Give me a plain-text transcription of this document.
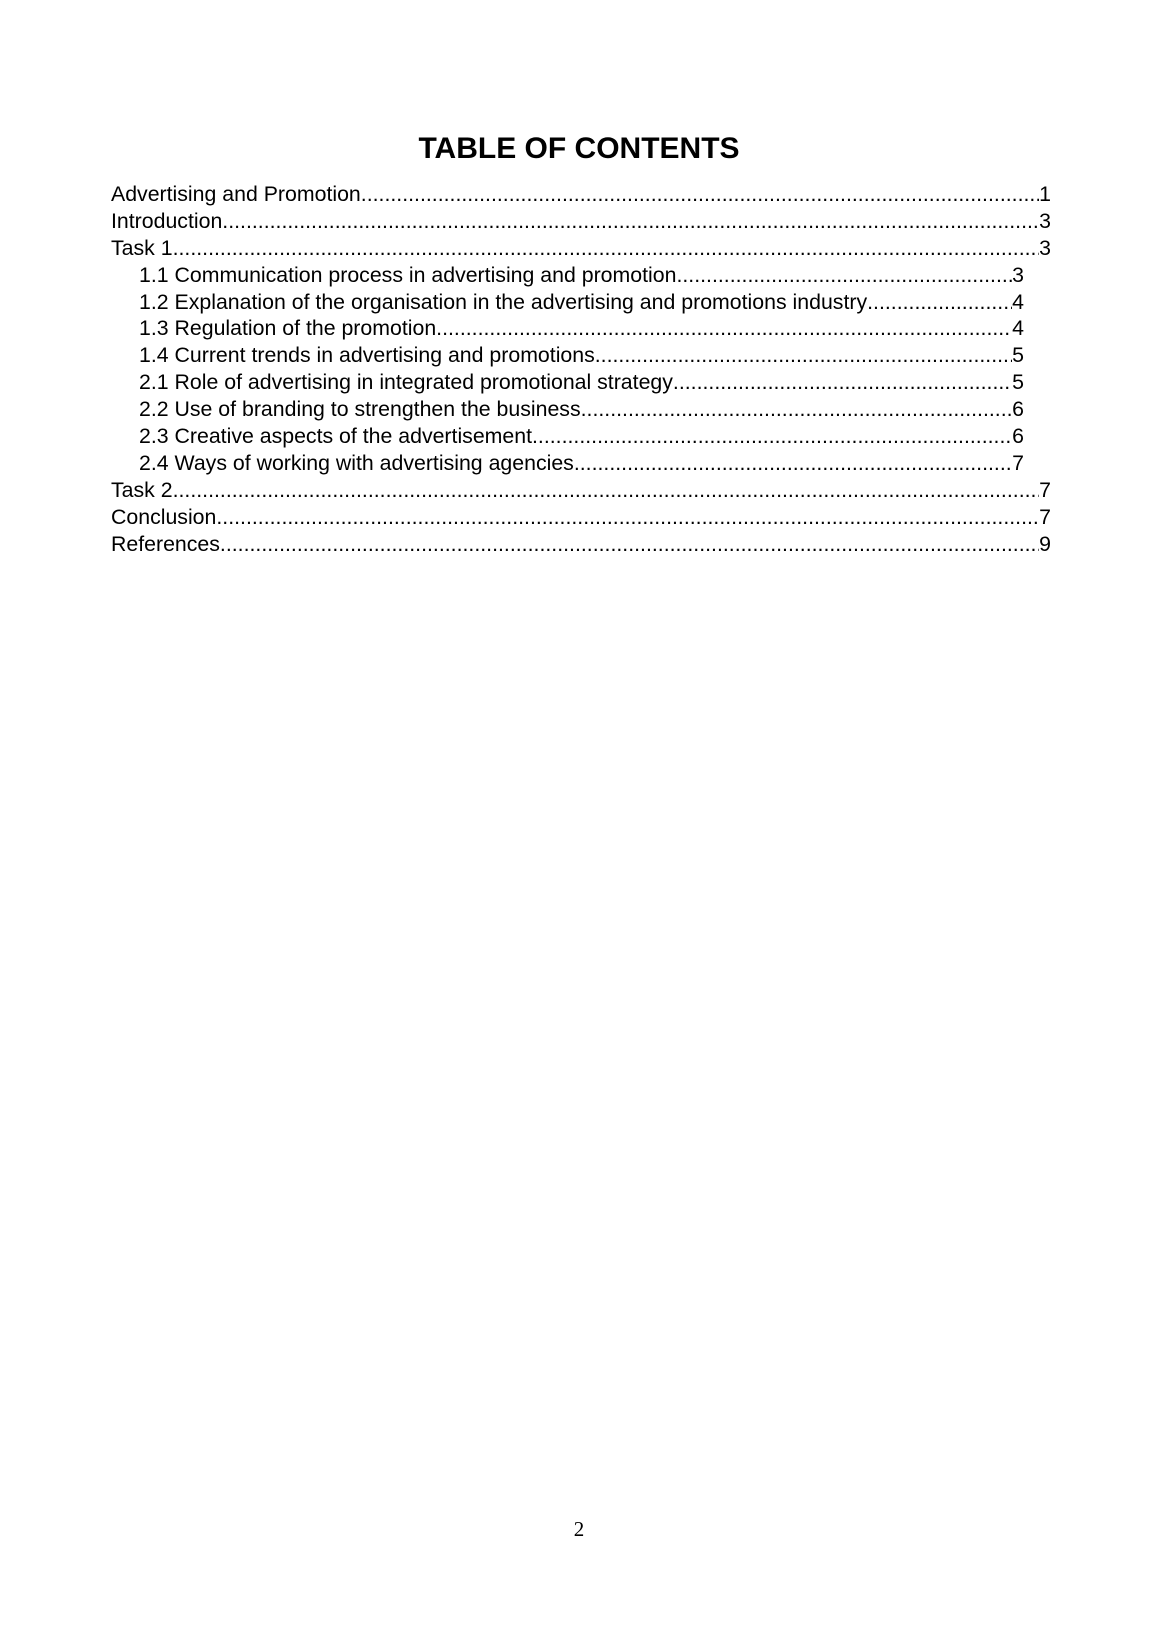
TABLE OF CONTENTS
Advertising and Promotion .....	1
Introduction .....	3
Task 1 .....	3
1.1 Communication process in advertising and promotion .....	3
1.2 Explanation of the organisation in the advertising and promotions industry .....	4
1.3 Regulation of the promotion .....	4
1.4 Current trends in advertising and promotions .....	5
2.1 Role of advertising in integrated promotional strategy .....	5
2.2 Use of branding to strengthen the business .....	6
2.3 Creative aspects of the advertisement .....	6
2.4 Ways of working with advertising agencies .....	7
Task 2 .....	7
Conclusion .....	7
References .....	9
2
